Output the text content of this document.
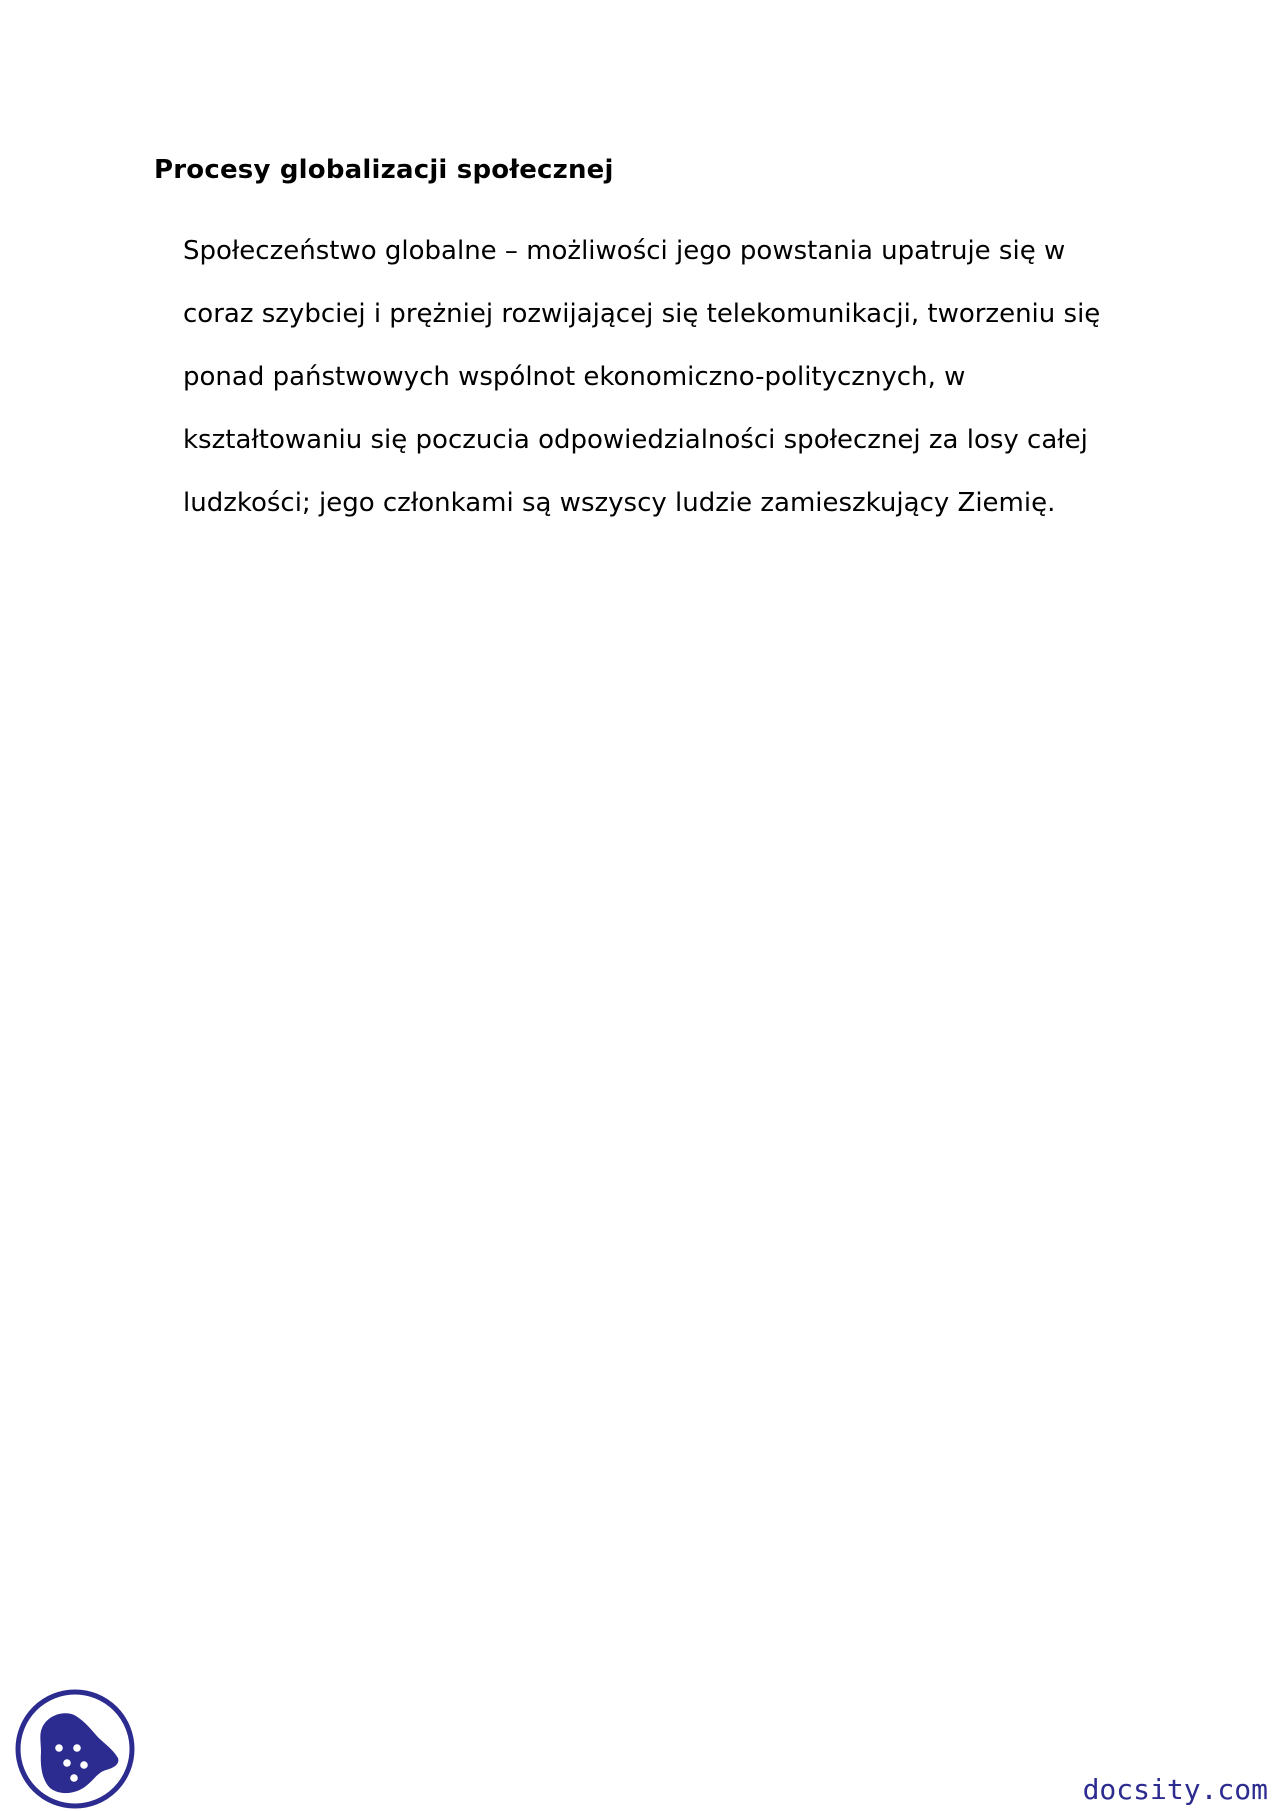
Procesy globalizacji społecznej
Społeczeństwo globalne – możliwości jego powstania upatruje się w
coraz szybciej i prężniej rozwijającej się telekomunikacji, tworzeniu się
ponad państwowych wspólnot ekonomiczno-politycznych, w
kształtowaniu się poczucia odpowiedzialności społecznej za losy całej
ludzkości; jego członkami są wszyscy ludzie zamieszkujący Ziemię.
docsity.com
